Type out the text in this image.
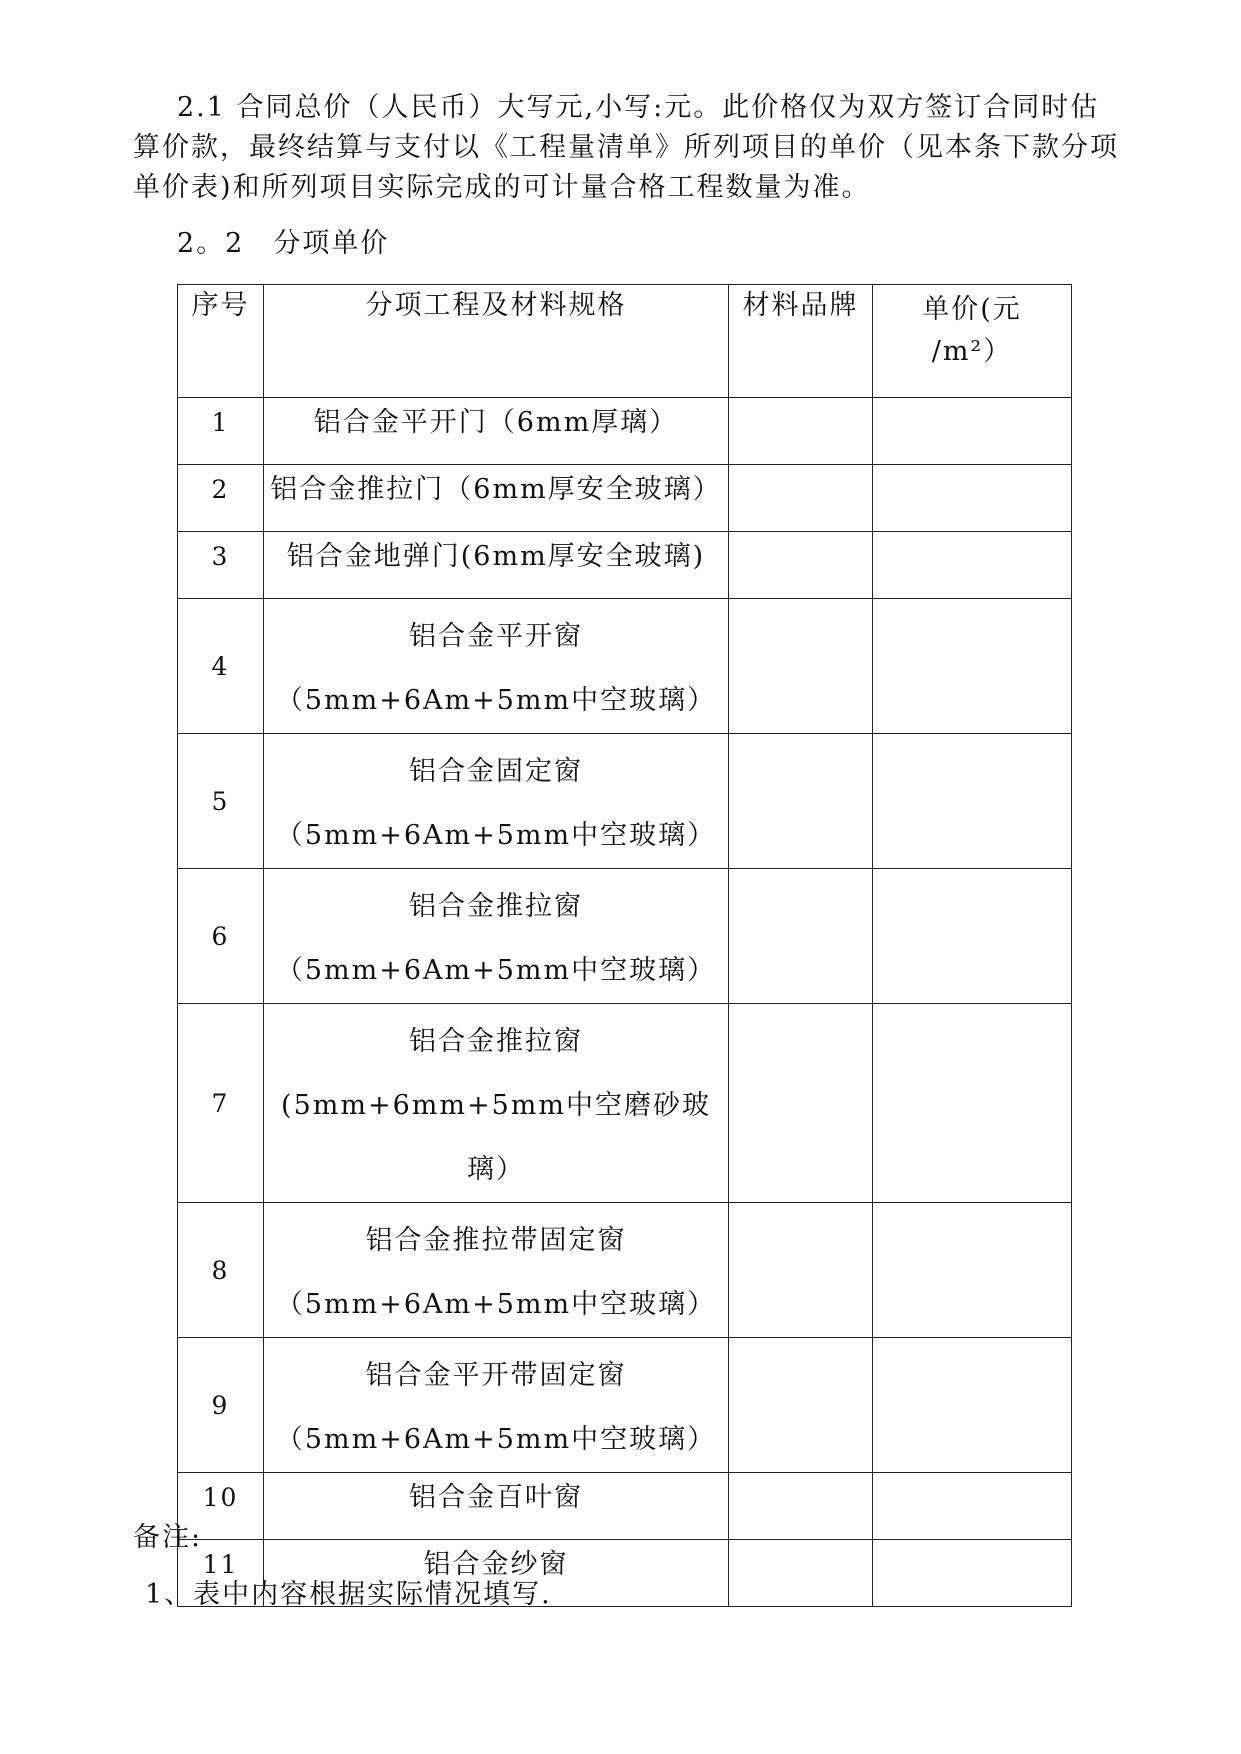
2.1 合同总价（人民币）大写元,小写:元。此价格仅为双方签订合同时估算价款，最终结算与支付以《工程量清单》所列项目的单价（见本条下款分项单价表)和所列项目实际完成的可计量合格工程数量为准。

2。2　分项单价

序号	分项工程及材料规格	材料品牌	单价(元
/m²）

1	铝合金平开门（6mm厚璃）		

2	铝合金推拉门（6mm厚安全玻璃）		

3	铝合金地弹门(6mm厚安全玻璃)		

4	铝合金平开窗
（5mm+6Am+5mm中空玻璃）		

5	铝合金固定窗
（5mm+6Am+5mm中空玻璃）		

6	铝合金推拉窗
（5mm+6Am+5mm中空玻璃）		

7	铝合金推拉窗
(5mm+6mm+5mm中空磨砂玻璃）		

8	铝合金推拉带固定窗
（5mm+6Am+5mm中空玻璃）		

9	铝合金平开带固定窗
（5mm+6Am+5mm中空玻璃）		

10	铝合金百叶窗		

11	铝合金纱窗		

备注:
1、表中内容根据实际情况填写.
